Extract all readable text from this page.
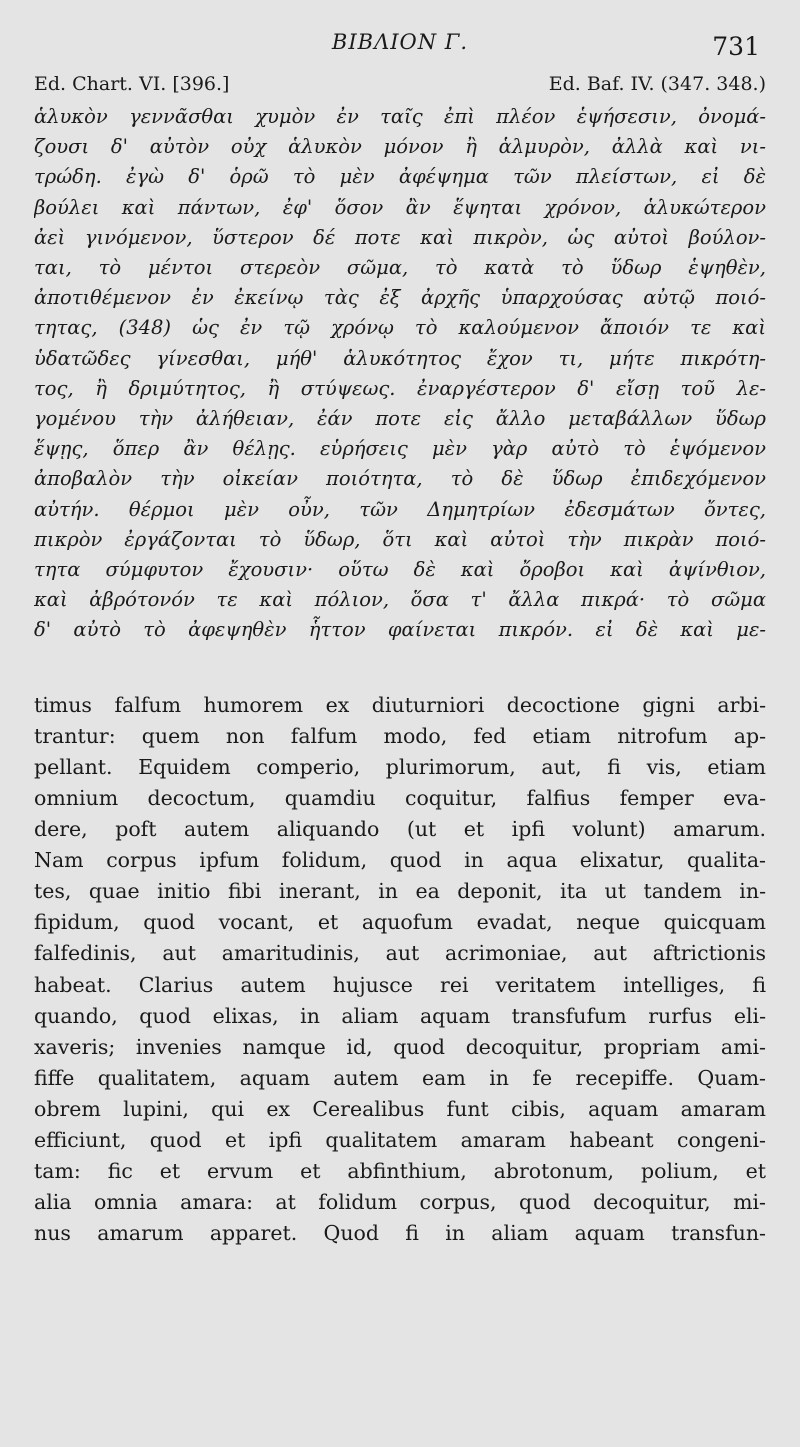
BIBΛION Γ.	731
Ed. Chart. VI. [396.]	Ed. Baf. IV. (347. 348.)
ἁλυκὸν γεννᾶσθαι χυμὸν ἐν ταῖς ἐπὶ πλέον ἑψήσεσιν, ὀνομά-
ζουσι δ' αὐτὸν οὐχ ἁλυκὸν μόνον ἢ ἁλμυρὸν, ἀλλὰ καὶ νι-
τρώδη. ἐγὼ δ' ὁρῶ τὸ μὲν ἀφέψημα τῶν πλείστων, εἰ δὲ
βούλει καὶ πάντων, ἐφ' ὅσον ἂν ἕψηται χρόνον, ἁλυκώτερον
ἀεὶ γινόμενον, ὕστερον δέ ποτε καὶ πικρὸν, ὡς αὐτοὶ βούλον-
ται, τὸ μέντοι στερεὸν σῶμα, τὸ κατὰ τὸ ὕδωρ ἑψηθὲν,
ἀποτιθέμενον ἐν ἐκείνῳ τὰς ἐξ ἀρχῆς ὑπαρχούσας αὐτῷ ποιό-
τητας, (348) ὡς ἐν τῷ χρόνῳ τὸ καλούμενον ἄποιόν τε καὶ
ὑδατῶδες γίνεσθαι, μήθ' ἁλυκότητος ἔχον τι, μήτε πικρότη-
τος, ἢ δριμύτητος, ἢ στύψεως. ἐναργέστερον δ' εἴσῃ τοῦ λε-
γομένου τὴν ἀλήθειαν, ἐάν ποτε εἰς ἄλλο μεταβάλλων ὕδωρ
ἕψῃς, ὅπερ ἂν θέλῃς. εὑρήσεις μὲν γὰρ αὐτὸ τὸ ἑψόμενον
ἀποβαλὸν τὴν οἰκείαν ποιότητα, τὸ δὲ ὕδωρ ἐπιδεχόμενον
αὐτήν. θέρμοι μὲν οὖν, τῶν Δημητρίων ἐδεσμάτων ὄντες,
πικρὸν ἐργάζονται τὸ ὕδωρ, ὅτι καὶ αὐτοὶ τὴν πικρὰν ποιό-
τητα σύμφυτον ἔχουσιν· οὕτω δὲ καὶ ὄροβοι καὶ ἀψίνθιον,
καὶ ἀβρότονόν τε καὶ πόλιον, ὅσα τ' ἄλλα πικρά· τὸ σῶμα
δ' αὐτὸ τὸ ἀφεψηθὲν ἧττον φαίνεται πικρόν. εἰ δὲ καὶ με-
timus falfum humorem ex diuturniori decoctione gigni arbi-
trantur: quem non falfum modo, fed etiam nitrofum ap-
pellant. Equidem comperio, plurimorum, aut, fi vis, etiam
omnium decoctum, quamdiu coquitur, falfius femper eva-
dere, poft autem aliquando (ut et ipfi volunt) amarum.
Nam corpus ipfum folidum, quod in aqua elixatur, qualita-
tes, quae initio fibi inerant, in ea deponit, ita ut tandem in-
fipidum, quod vocant, et aquofum evadat, neque quicquam
falfedinis, aut amaritudinis, aut acrimoniae, aut aftrictionis
habeat. Clarius autem hujusce rei veritatem intelliges, fi
quando, quod elixas, in aliam aquam transfufum rurfus eli-
xaveris; invenies namque id, quod decoquitur, propriam ami-
fiffe qualitatem, aquam autem eam in fe recepiffe. Quam-
obrem lupini, qui ex Cerealibus funt cibis, aquam amaram
efficiunt, quod et ipfi qualitatem amaram habeant congeni-
tam: fic et ervum et abfinthium, abrotonum, polium, et
alia omnia amara: at folidum corpus, quod decoquitur, mi-
nus amarum apparet. Quod fi in aliam aquam transfun-
